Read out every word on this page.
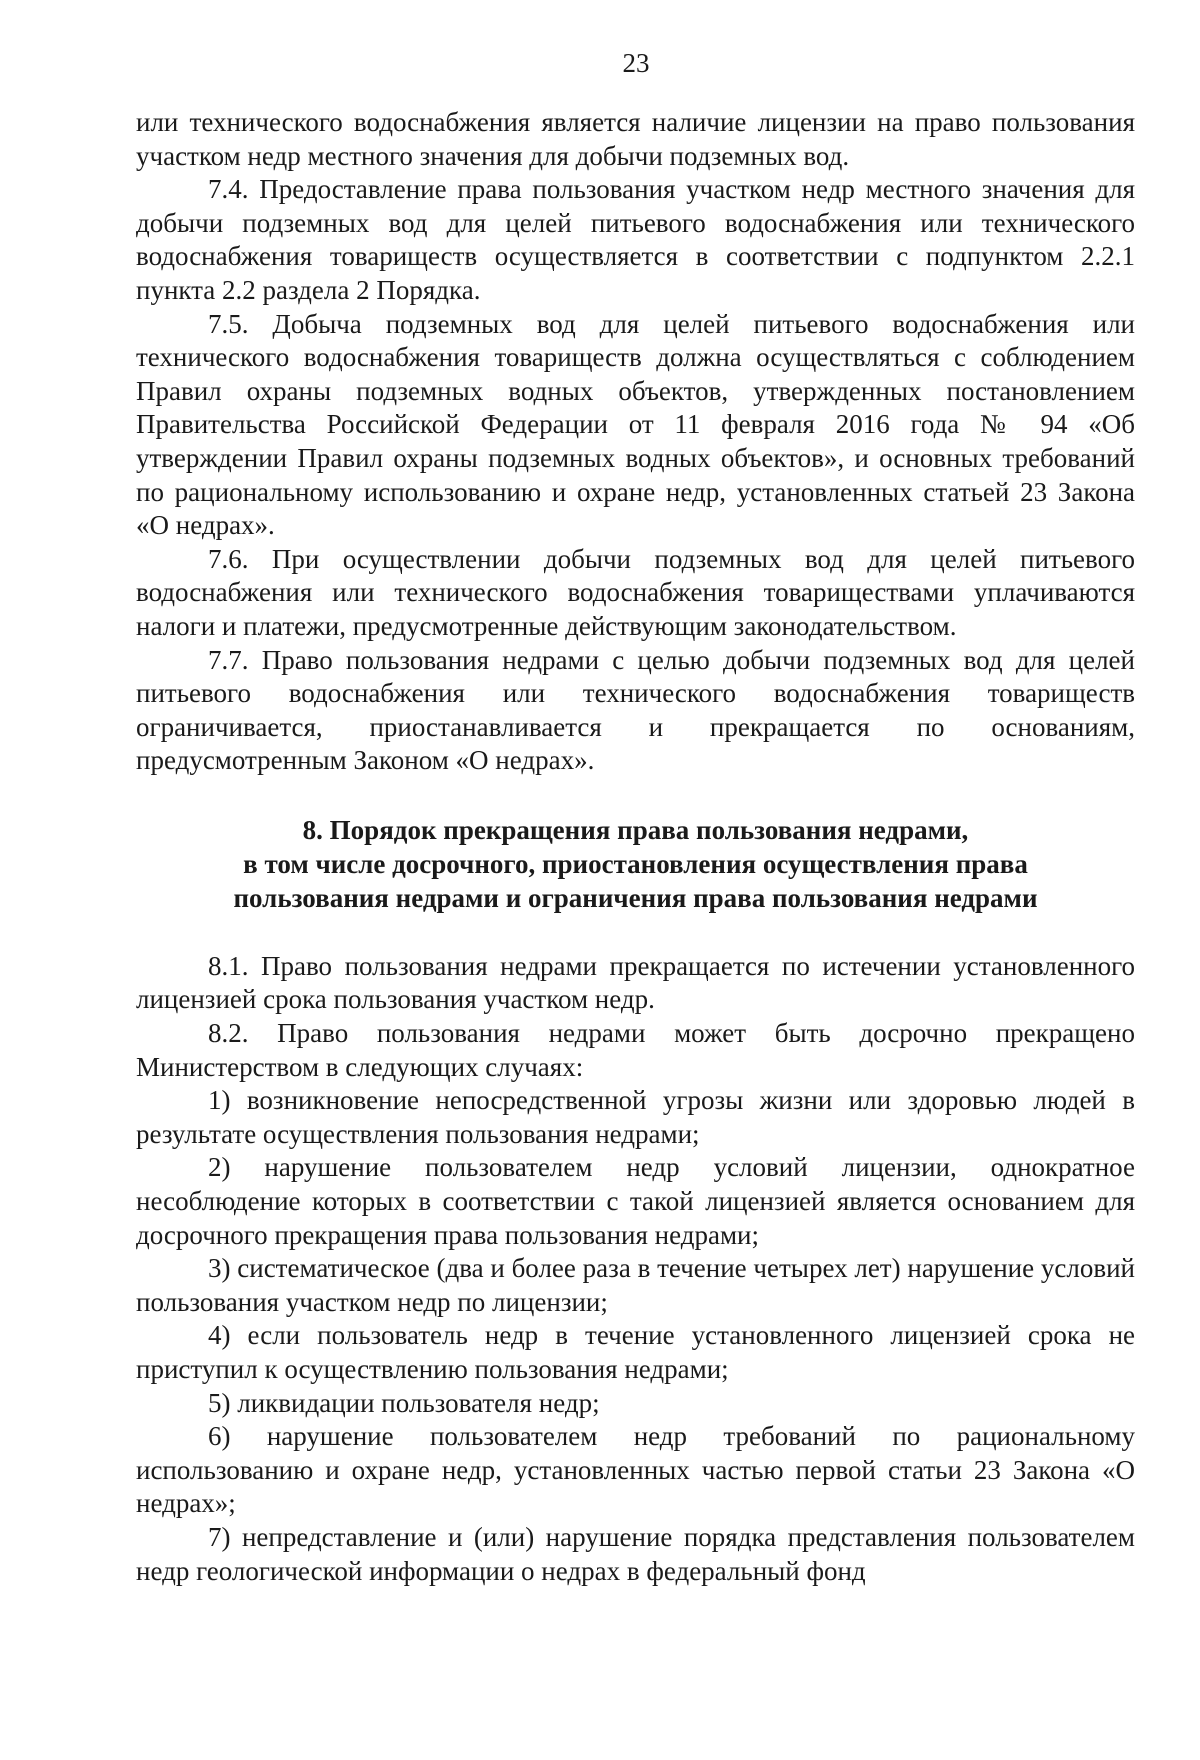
23

или технического водоснабжения является наличие лицензии на право пользования участком недр местного значения для добычи подземных вод.

7.4. Предоставление права пользования участком недр местного значения для добычи подземных вод для целей питьевого водоснабжения или технического водоснабжения товариществ осуществляется в соответствии с подпунктом 2.2.1 пункта 2.2 раздела 2 Порядка.

7.5. Добыча подземных вод для целей питьевого водоснабжения или технического водоснабжения товариществ должна осуществляться с соблюдением Правил охраны подземных водных объектов, утвержденных постановлением Правительства Российской Федерации от 11 февраля 2016 года № 94 «Об утверждении Правил охраны подземных водных объектов», и основных требований по рациональному использованию и охране недр, установленных статьей 23 Закона «О недрах».

7.6. При осуществлении добычи подземных вод для целей питьевого водоснабжения или технического водоснабжения товариществами уплачиваются налоги и платежи, предусмотренные действующим законодательством.

7.7. Право пользования недрами с целью добычи подземных вод для целей питьевого водоснабжения или технического водоснабжения товариществ ограничивается, приостанавливается и прекращается по основаниям, предусмотренным Законом «О недрах».

8. Порядок прекращения права пользования недрами,
в том числе досрочного, приостановления осуществления права
пользования недрами и ограничения права пользования недрами

8.1. Право пользования недрами прекращается по истечении установленного лицензией срока пользования участком недр.

8.2. Право пользования недрами может быть досрочно прекращено Министерством в следующих случаях:

1) возникновение непосредственной угрозы жизни или здоровью людей в результате осуществления пользования недрами;

2) нарушение пользователем недр условий лицензии, однократное несоблюдение которых в соответствии с такой лицензией является основанием для досрочного прекращения права пользования недрами;

3) систематическое (два и более раза в течение четырех лет) нарушение условий пользования участком недр по лицензии;

4) если пользователь недр в течение установленного лицензией срока не приступил к осуществлению пользования недрами;

5) ликвидации пользователя недр;

6) нарушение пользователем недр требований по рациональному использованию и охране недр, установленных частью первой статьи 23 Закона «О недрах»;

7) непредставление и (или) нарушение порядка представления пользователем недр геологической информации о недрах в федеральный фонд
